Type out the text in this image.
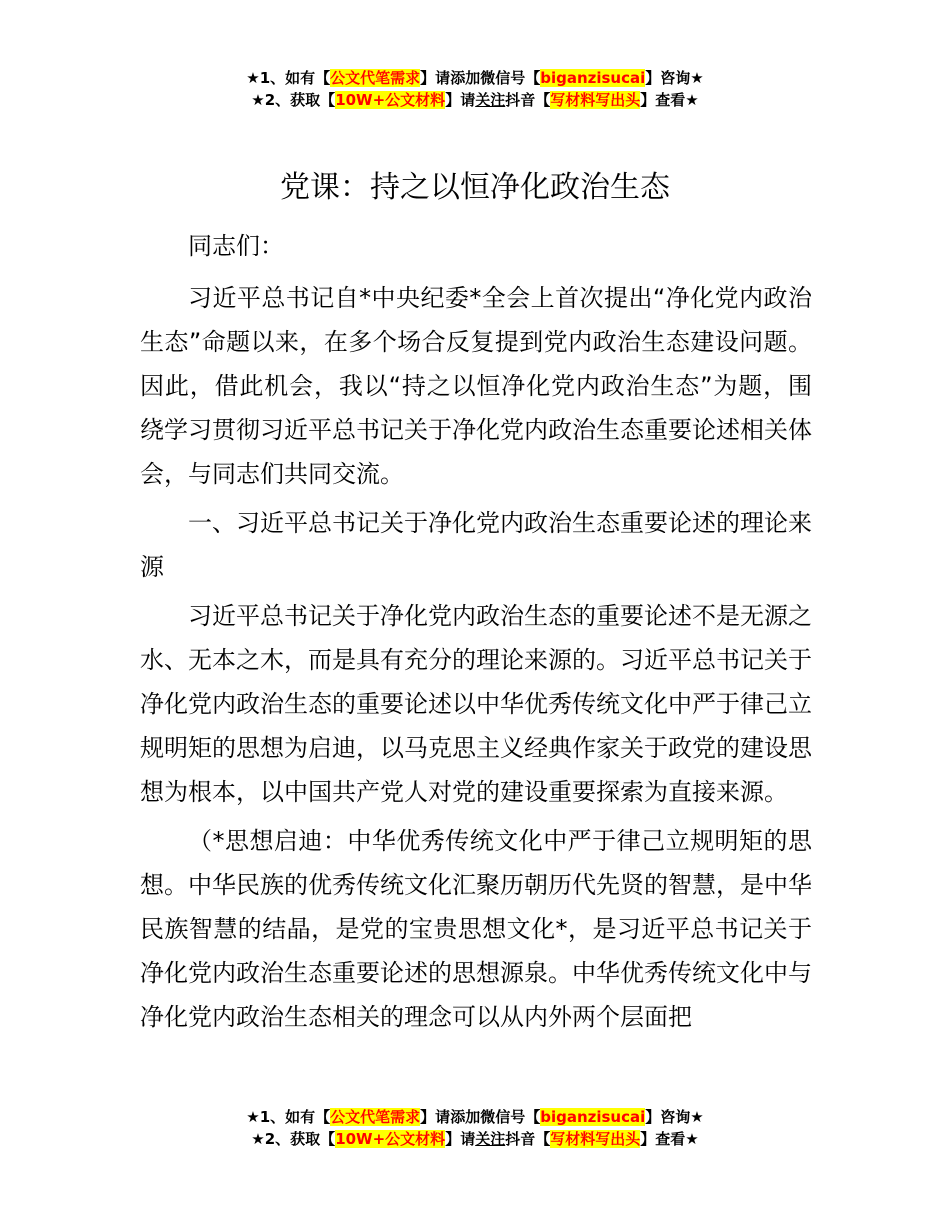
★1、如有【公文代笔需求】请添加微信号【biganzisucai】咨询★
★2、获取【10W+公文材料】请关注抖音【写材料写出头】查看★
党课：持之以恒净化政治生态

同志们：

习近平总书记自*中央纪委*全会上首次提出“净化党内政治生态”命题以来，在多个场合反复提到党内政治生态建设问题。因此，借此机会，我以“持之以恒净化党内政治生态”为题，围绕学习贯彻习近平总书记关于净化党内政治生态重要论述相关体会，与同志们共同交流。

一、习近平总书记关于净化党内政治生态重要论述的理论来源

习近平总书记关于净化党内政治生态的重要论述不是无源之水、无本之木，而是具有充分的理论来源的。习近平总书记关于净化党内政治生态的重要论述以中华优秀传统文化中严于律己立规明矩的思想为启迪，以马克思主义经典作家关于政党的建设思想为根本，以中国共产党人对党的建设重要探索为直接来源。

（*思想启迪：中华优秀传统文化中严于律己立规明矩的思想。中华民族的优秀传统文化汇聚历朝历代先贤的智慧，是中华民族智慧的结晶，是党的宝贵思想文化*，是习近平总书记关于净化党内政治生态重要论述的思想源泉。中华优秀传统文化中与净化党内政治生态相关的理念可以从内外两个层面把

★1、如有【公文代笔需求】请添加微信号【biganzisucai】咨询★
★2、获取【10W+公文材料】请关注抖音【写材料写出头】查看★
